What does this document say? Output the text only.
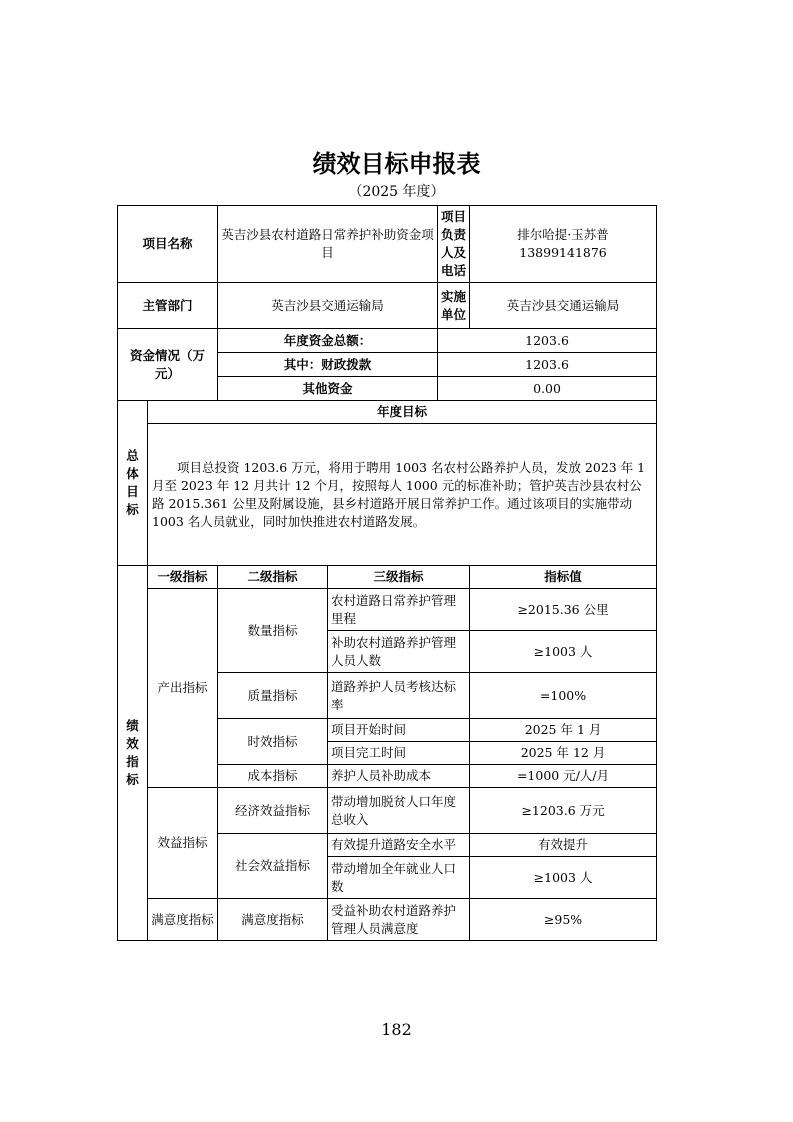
绩效目标申报表
（2025 年度）
项目名称		英吉沙县农村道路日常养护补助资金项目		项目负责人及电话	排尔哈提·玉苏普 13899141876
主管部门		英吉沙县交通运输局		实施单位	英吉沙县交通运输局
资金情况（万元）		年度资金总额：		1203.6	
		其中：财政拨款		1203.6	
		其他资金		0.00	
总体目标	年度目标				
	项目总投资 1203.6 万元，将用于聘用 1003 名农村公路养护人员，发放 2023 年 1 月至 2023 年 12 月共计 12 个月，按照每人 1000 元的标准补助；管护英吉沙县农村公路 2015.361 公里及附属设施，县乡村道路开展日常养护工作。通过该项目的实施带动 1003 名人员就业，同时加快推进农村道路发展。				
绩效指标	一级指标	二级指标	三级指标		指标值
	产出指标	数量指标	农村道路日常养护管理里程		≥2015.36 公里
			补助农村道路养护管理人员人数		≥1003 人
		质量指标	道路养护人员考核达标率		=100%
		时效指标	项目开始时间		2025 年 1 月
			项目完工时间		2025 年 12 月
		成本指标	养护人员补助成本		=1000 元/人/月
	效益指标	经济效益指标	带动增加脱贫人口年度总收入		≥1203.6 万元

		社会效益指标	有效提升道路安全水平		有效提升
			带动增加全年就业人口数		≥1003 人
	满意度指标	满意度指标	受益补助农村道路养护管理人员满意度		≥95%
182
